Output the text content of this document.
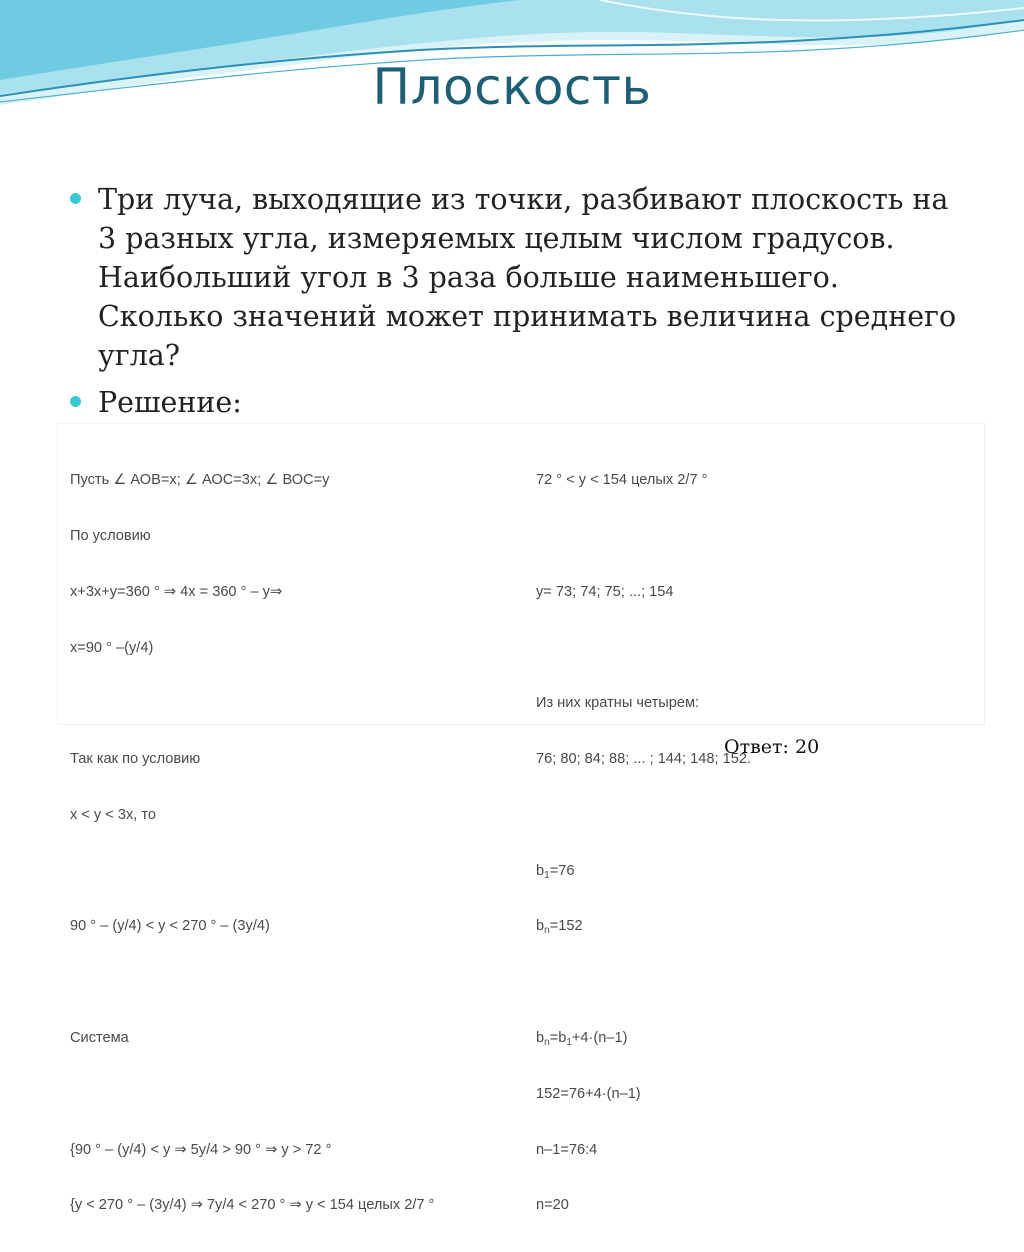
Плоскость
Три луча, выходящие из точки, разбивают плоскость на 3 разных угла, измеряемых целым числом градусов. Наибольший угол в 3 раза больше наименьшего. Сколько значений может принимать величина среднего угла?
Решение:

Пусть ∠ АОВ=х; ∠ АОС=3х; ∠ ВОС=у

По условию

х+3х+у=360 ° ⇒ 4х = 360 ° – у⇒

х=90 ° –(у/4)

Так как по условию

x < y < 3x, то

90 ° – (у/4) < y < 270 ° – (3y/4)

Система

{90 ° – (у/4) < y ⇒ 5y/4 > 90 ° ⇒ y > 72 °

{y < 270 ° – (3y/4) ⇒ 7y/4 < 270 ° ⇒ y < 154 целых 2/7 °

72 ° < y < 154 целых 2/7 °

y= 73; 74; 75; ...; 154

Из них кратны четырем:

76; 80; 84; 88; ... ; 144; 148; 152.

$b_1=76$

$b_n=152$

$b_n=b_1+4\cdot(n-1)$

152=76+4·(n–1)

n–1=76:4

n=20

Ответ: 20
